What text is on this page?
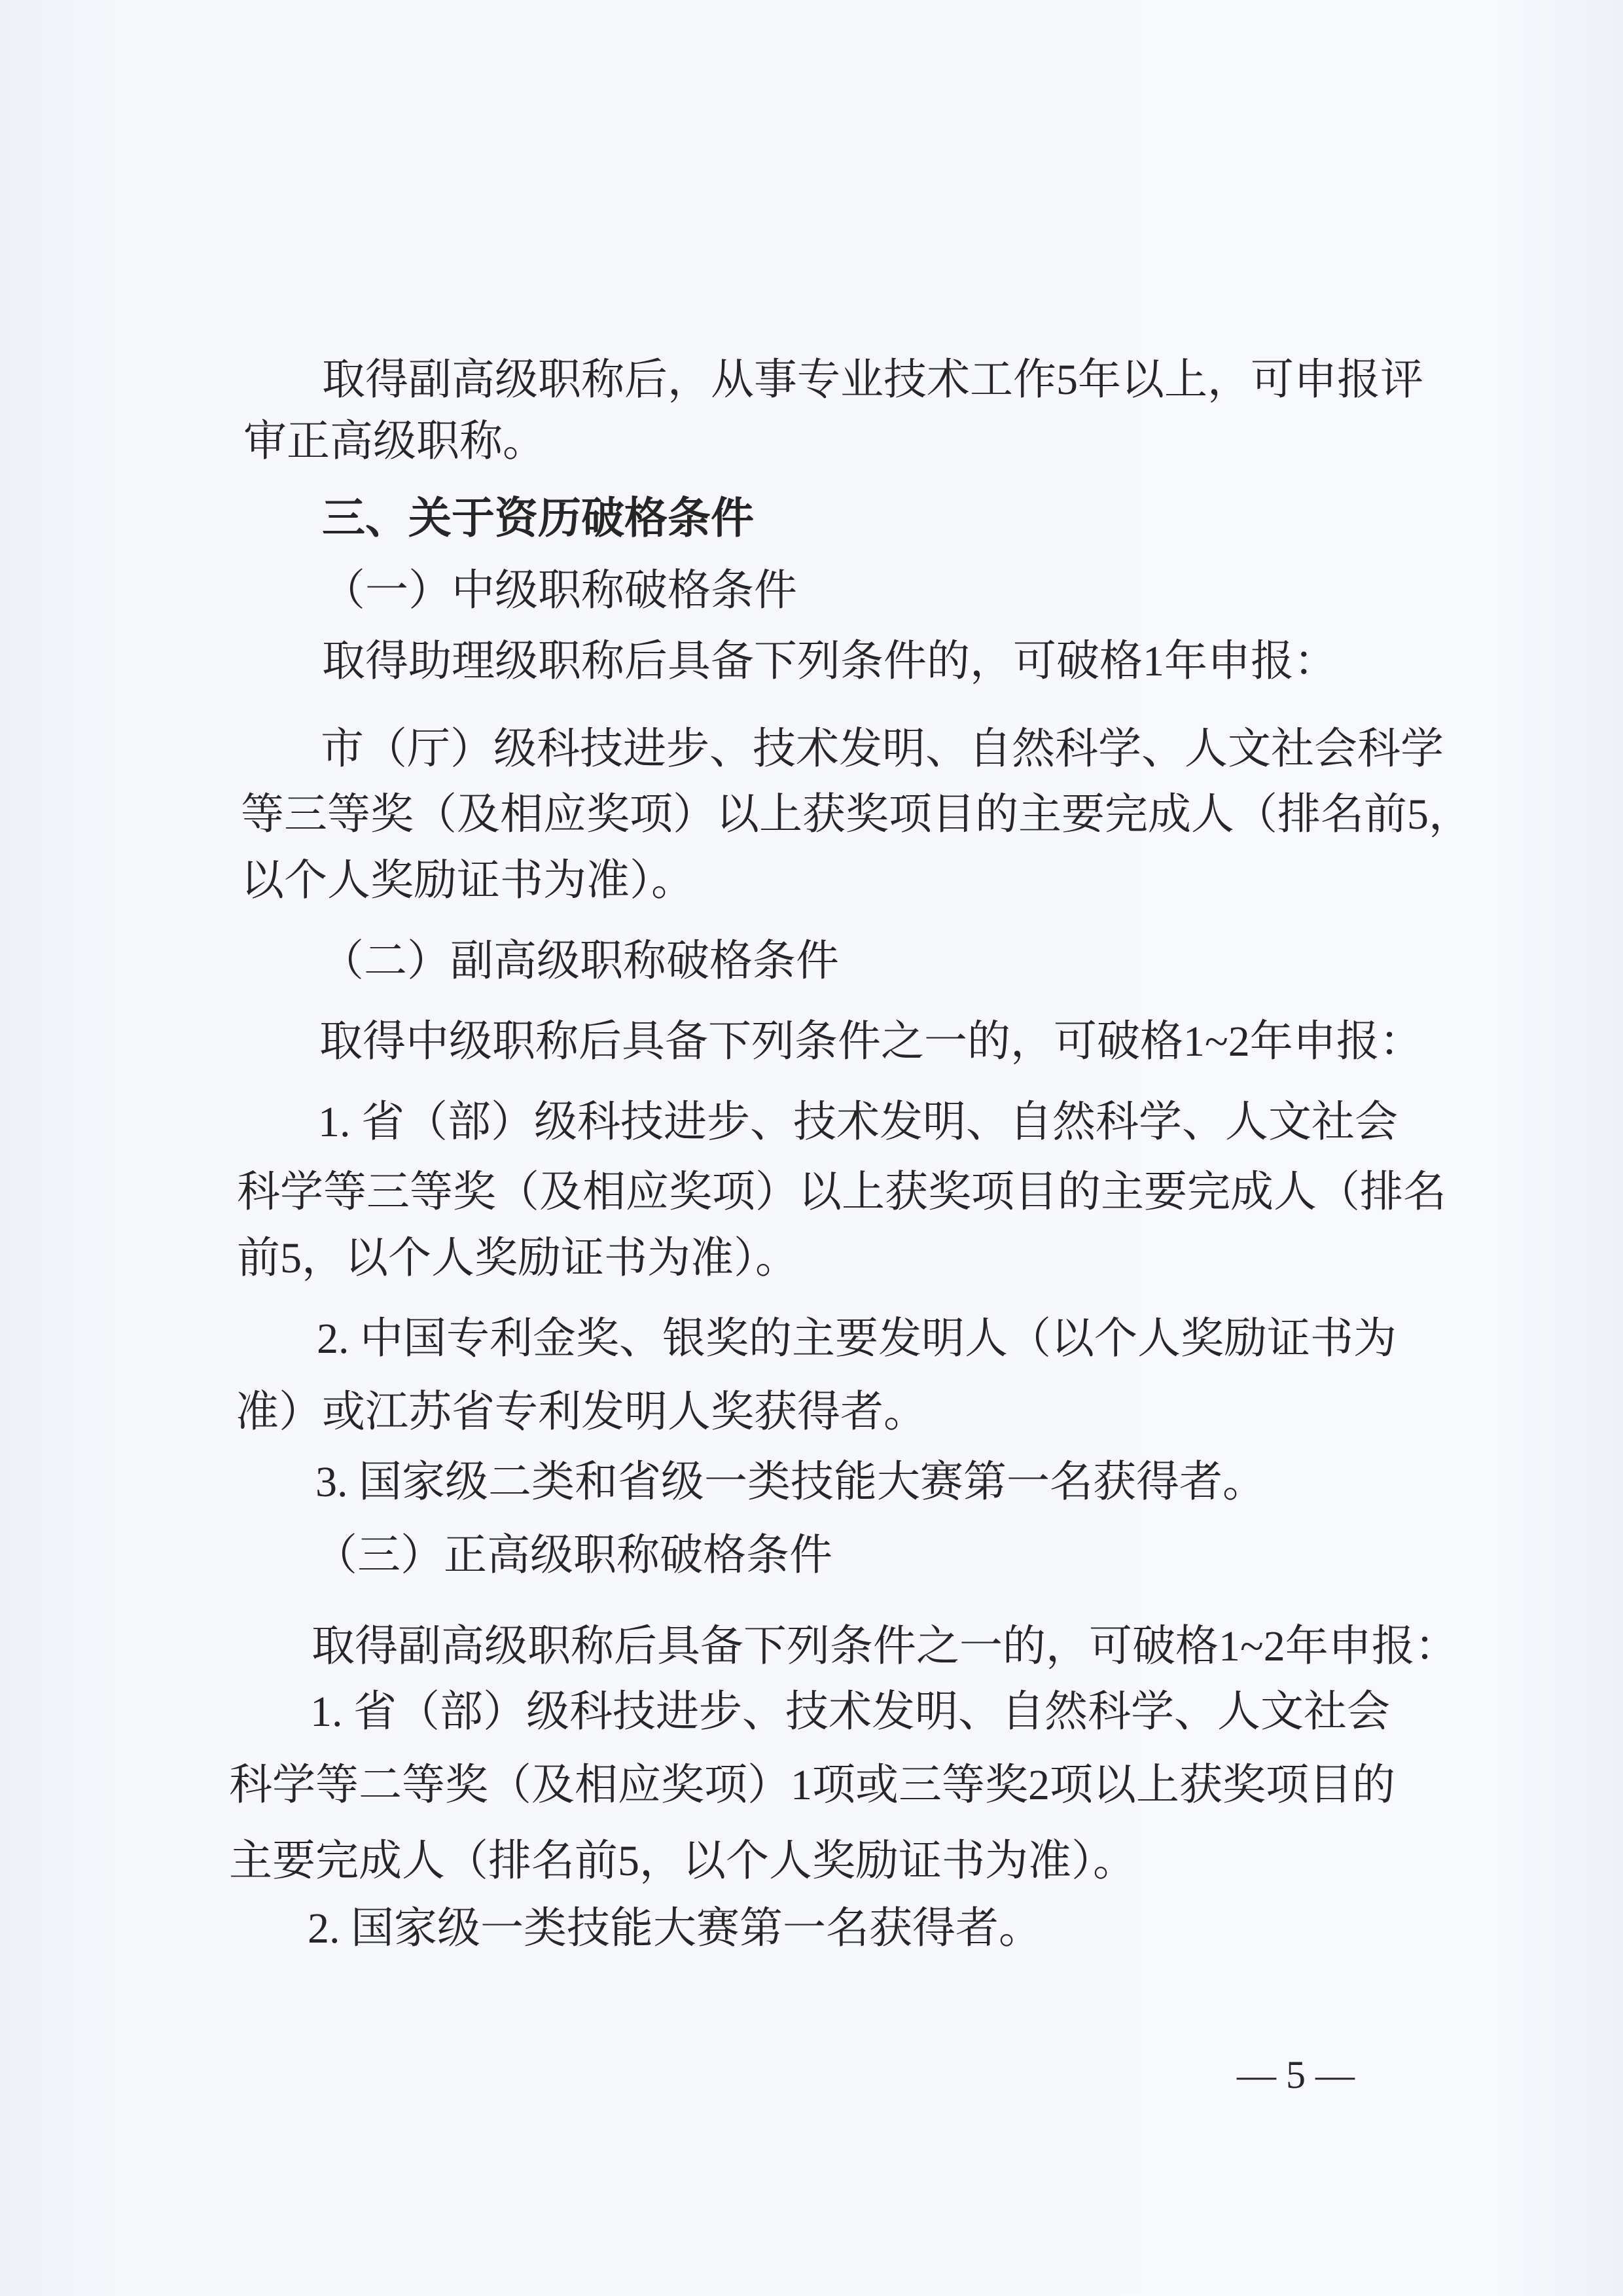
取得副高级职称后，从事专业技术工作5年以上，可申报评
审正高级职称。
三、关于资历破格条件
（一）中级职称破格条件
取得助理级职称后具备下列条件的，可破格1年申报：
市（厅）级科技进步、技术发明、自然科学、人文社会科学
等三等奖（及相应奖项）以上获奖项目的主要完成人（排名前5，
以个人奖励证书为准）。
（二）副高级职称破格条件
取得中级职称后具备下列条件之一的，可破格1~2年申报：
1. 省（部）级科技进步、技术发明、自然科学、人文社会
科学等三等奖（及相应奖项）以上获奖项目的主要完成人（排名
前5，以个人奖励证书为准）。
2. 中国专利金奖、银奖的主要发明人（以个人奖励证书为
准）或江苏省专利发明人奖获得者。
3. 国家级二类和省级一类技能大赛第一名获得者。
（三）正高级职称破格条件
取得副高级职称后具备下列条件之一的，可破格1~2年申报：
1. 省（部）级科技进步、技术发明、自然科学、人文社会
科学等二等奖（及相应奖项）1项或三等奖2项以上获奖项目的
主要完成人（排名前5，以个人奖励证书为准）。
2. 国家级一类技能大赛第一名获得者。
— 5 —
